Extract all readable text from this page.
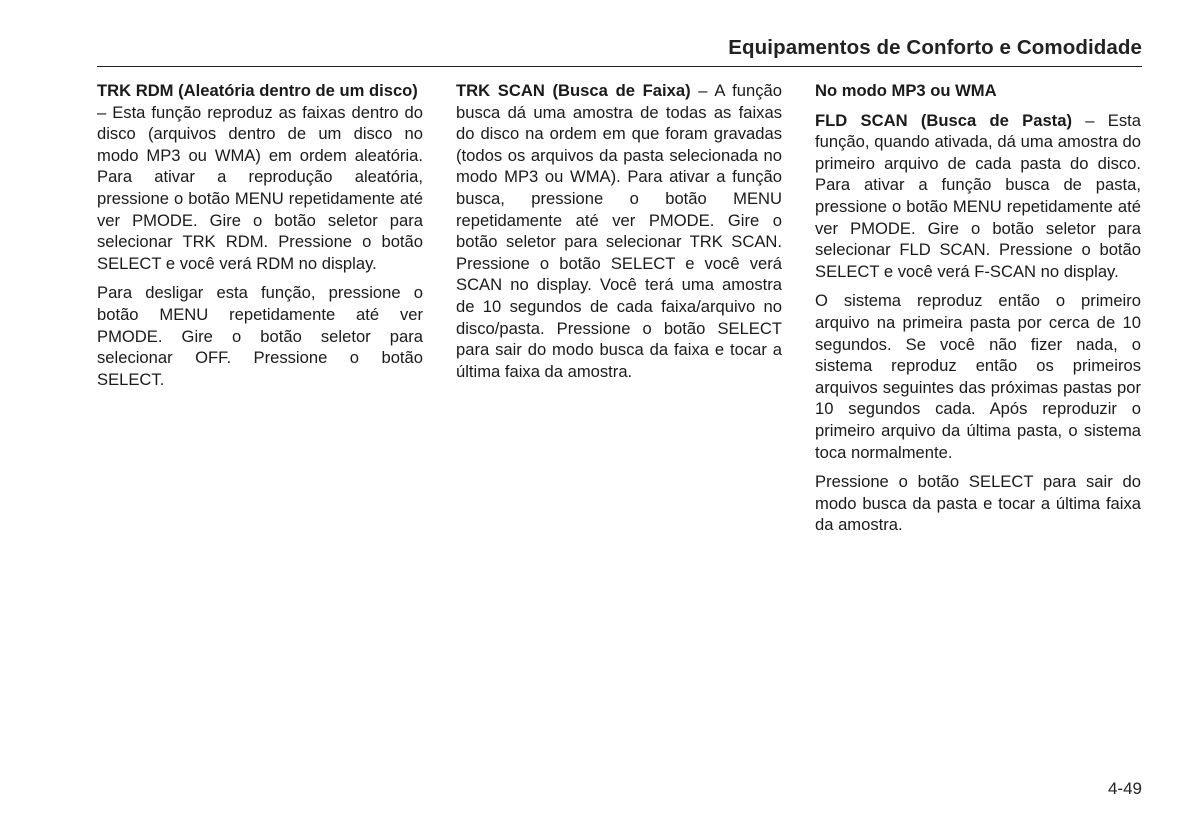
Equipamentos de Conforto e Comodidade

TRK RDM (Aleatória dentro de um disco)
– Esta função reproduz as faixas dentro do disco (arquivos dentro de um disco no modo MP3 ou WMA) em ordem aleatória. Para ativar a reprodução aleatória, pressione o botão MENU repetidamente até ver PMODE. Gire o botão seletor para selecionar TRK RDM. Pressione o botão SELECT e você verá RDM no display.

Para desligar esta função, pressione o botão MENU repetidamente até ver PMODE. Gire o botão seletor para selecionar OFF. Pressione o botão SELECT.

TRK SCAN (Busca de Faixa) – A função busca dá uma amostra de todas as faixas do disco na ordem em que foram gravadas (todos os arquivos da pasta selecionada no modo MP3 ou WMA). Para ativar a função busca, pressione o botão MENU repetidamente até ver PMODE. Gire o botão seletor para selecionar TRK SCAN. Pressione o botão SELECT e você verá SCAN no display. Você terá uma amostra de 10 segundos de cada faixa/arquivo no disco/pasta. Pressione o botão SELECT para sair do modo busca da faixa e tocar a última faixa da amostra.

No modo MP3 ou WMA

FLD SCAN (Busca de Pasta) – Esta função, quando ativada, dá uma amostra do primeiro arquivo de cada pasta do disco. Para ativar a função busca de pasta, pressione o botão MENU repetidamente até ver PMODE. Gire o botão seletor para selecionar FLD SCAN. Pressione o botão SELECT e você verá F-SCAN no display.

O sistema reproduz então o primeiro arquivo na primeira pasta por cerca de 10 segundos. Se você não fizer nada, o sistema reproduz então os primeiros arquivos seguintes das próximas pastas por 10 segundos cada. Após reproduzir o primeiro arquivo da última pasta, o sistema toca normalmente.

Pressione o botão SELECT para sair do modo busca da pasta e tocar a última faixa da amostra.

4-49
